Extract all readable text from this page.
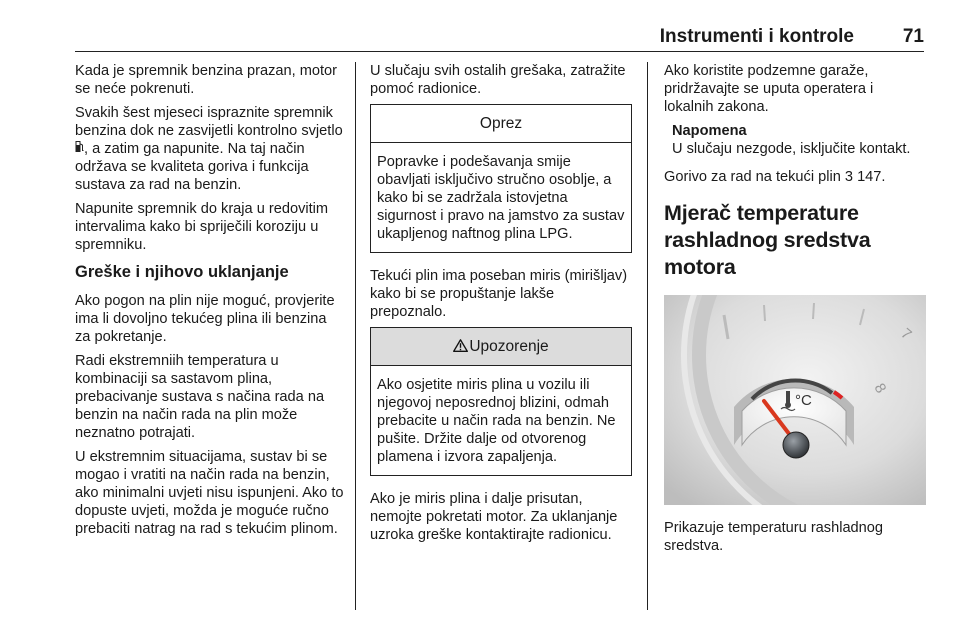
Instrumenti i kontrole	71

Kada je spremnik benzina prazan, motor se neće pokrenuti.

Svakih šest mjeseci ispraznite spremnik benzina dok ne zasvijetli kontrolno svjetlo , a zatim ga napunite. Na taj način održava se kvaliteta goriva i funkcija sustava za rad na benzin.

Napunite spremnik do kraja u redovitim intervalima kako bi spriječili koroziju u spremniku.

Greške i njihovo uklanjanje

Ako pogon na plin nije moguć, provjerite ima li dovoljno tekućeg plina ili benzina za pokretanje.

Radi ekstremniih temperatura u kombinaciji sa sastavom plina, prebacivanje sustava s načina rada na benzin na način rada na plin može neznatno potrajati.

U ekstremnim situacijama, sustav bi se mogao i vratiti na način rada na benzin, ako minimalni uvjeti nisu ispunjeni. Ako to dopuste uvjeti, možda je moguće ručno prebaciti natrag na rad s tekućim plinom.

U slučaju svih ostalih grešaka, zatražite pomoć radionice.

Oprez
Popravke i podešavanja smije obavljati isključivo stručno osoblje, a kako bi se zadržala istovjetna sigurnost i pravo na jamstvo za sustav ukapljenog naftnog plina LPG.

Tekući plin ima poseban miris (mirišljav) kako bi se propuštanje lakše prepoznalo.

Upozorenje
Ako osjetite miris plina u vozilu ili njegovoj neposrednoj blizini, odmah prebacite u način rada na benzin. Ne pušite. Držite dalje od otvorenog plamena i izvora zapaljenja.

Ako je miris plina i dalje prisutan, nemojte pokretati motor. Za uklanjanje uzroka greške kontaktirajte radionicu.

Ako koristite podzemne garaže, pridržavajte se uputa operatera i lokalnih zakona.

Napomena
U slučaju nezgode, isključite kontakt.

Gorivo za rad na tekući plin 3 147.

Mjerač temperature rashladnog sredstva motora
7
8
°C

Prikazuje temperaturu rashladnog sredstva.
